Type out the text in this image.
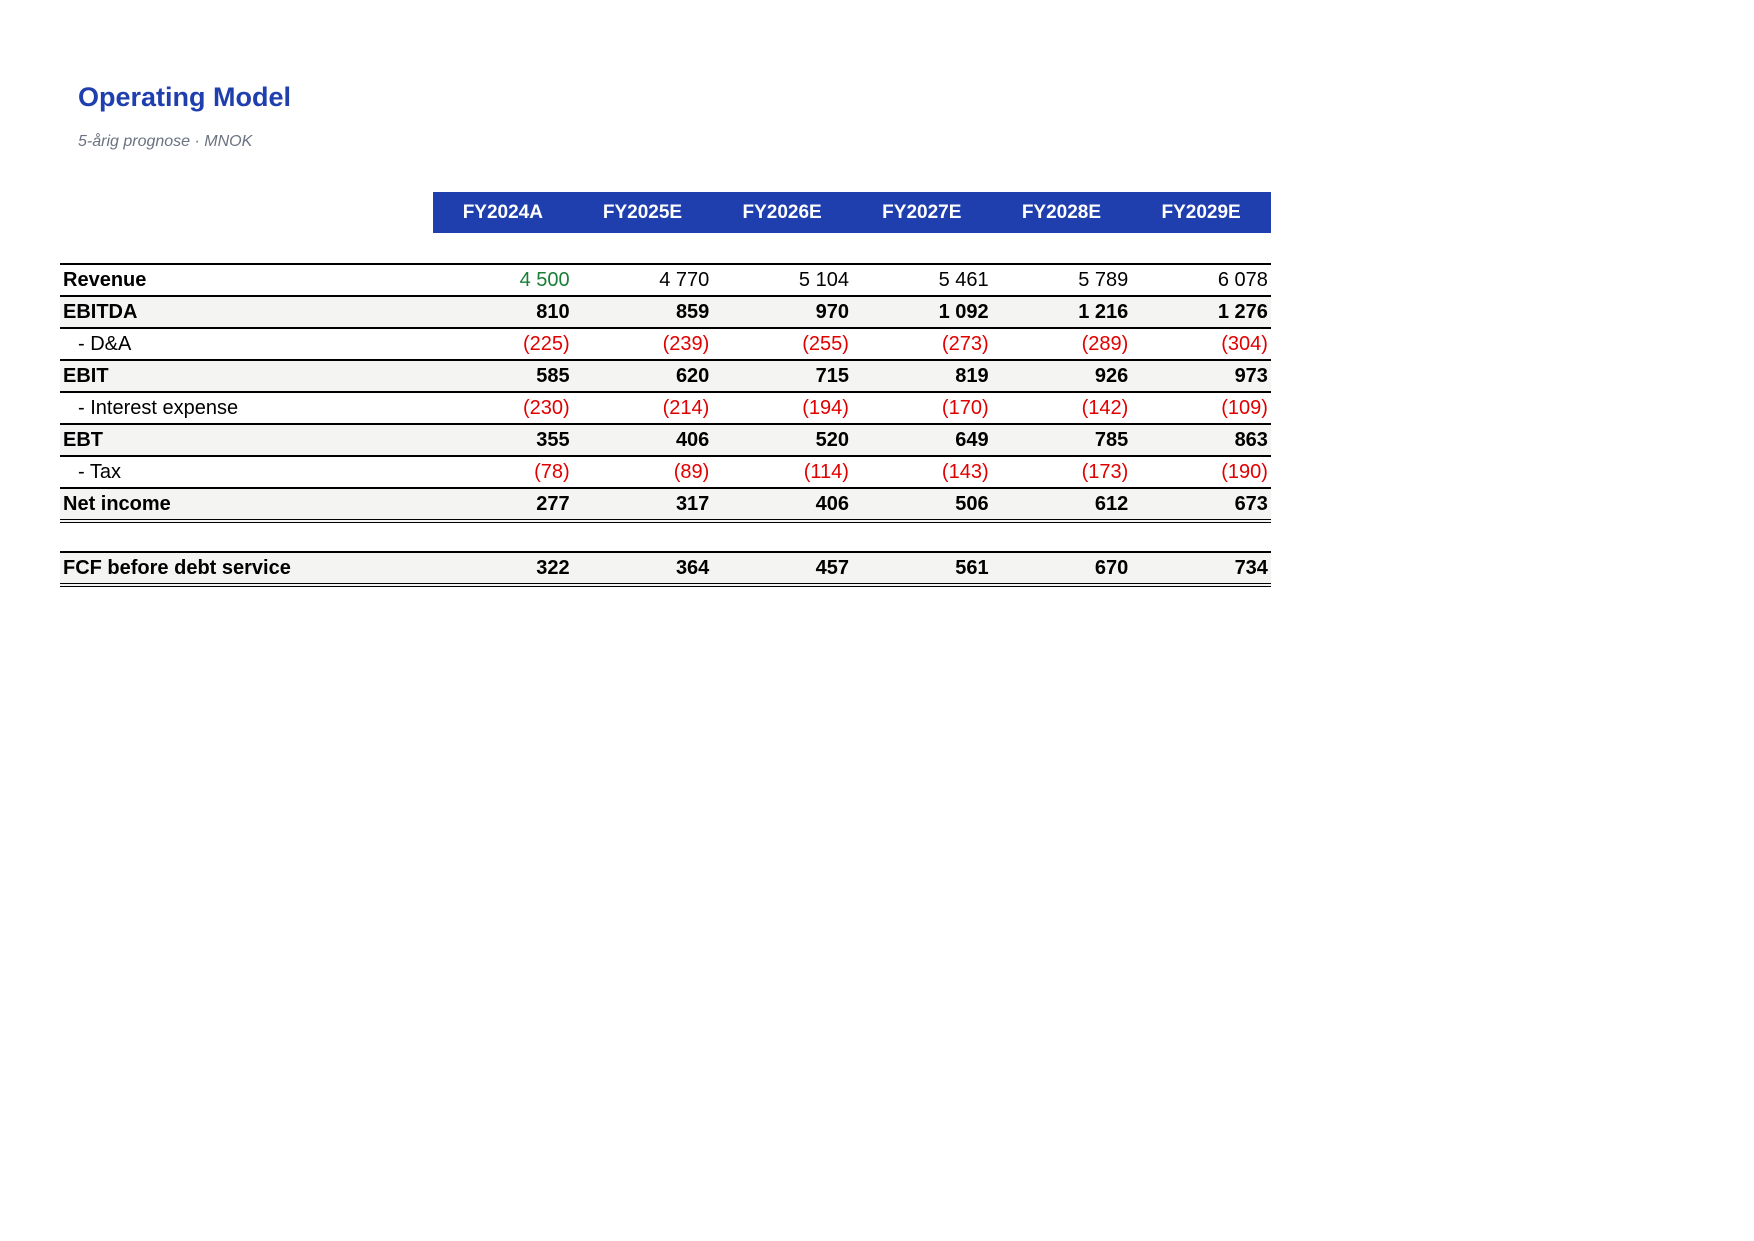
Operating Model
5-årig prognose · MNOK
FY2024A	FY2025E	FY2026E	FY2027E	FY2028E	FY2029E
Revenue	4 500	4 770	5 104	5 461	5 789	6 078
EBITDA	810	859	970	1 092	1 216	1 276
- D&A	(225)	(239)	(255)	(273)	(289)	(304)
EBIT	585	620	715	819	926	973
- Interest expense	(230)	(214)	(194)	(170)	(142)	(109)
EBT	355	406	520	649	785	863
- Tax	(78)	(89)	(114)	(143)	(173)	(190)
Net income	277	317	406	506	612	673
FCF before debt service	322	364	457	561	670	734
